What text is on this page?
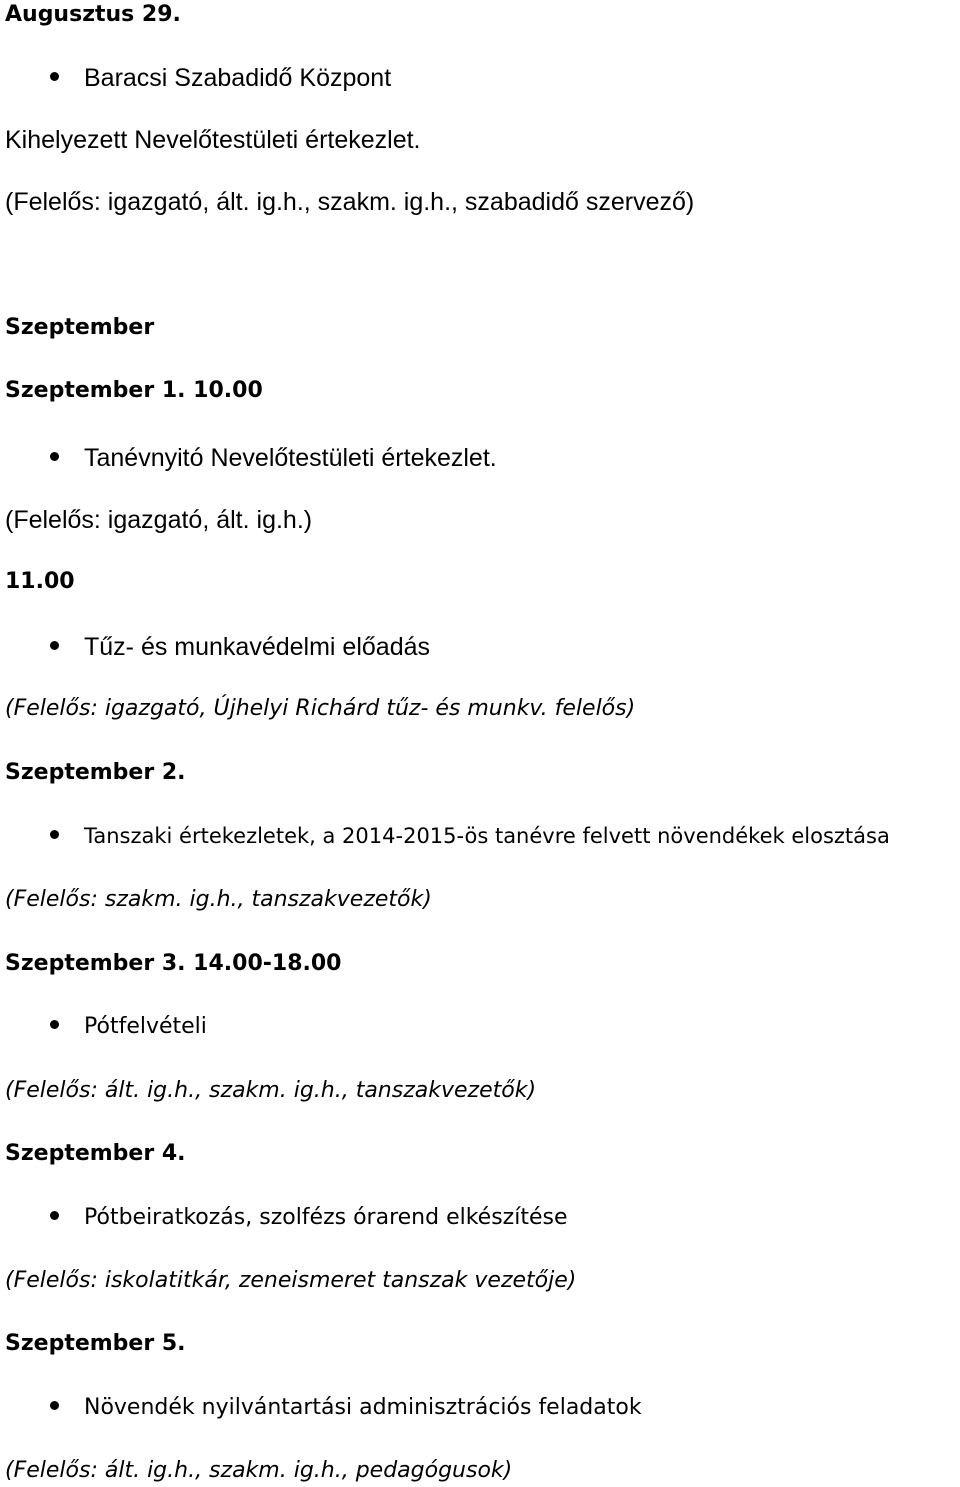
Augusztus 29.
Baracsi Szabadidő Központ
Kihelyezett Nevelőtestületi értekezlet.
(Felelős: igazgató, ált. ig.h., szakm. ig.h., szabadidő szervező)
Szeptember
Szeptember 1. 10.00
Tanévnyitó Nevelőtestületi értekezlet.
(Felelős: igazgató, ált. ig.h.)
11.00
Tűz- és munkavédelmi előadás
(Felelős: igazgató, Újhelyi Richárd tűz- és munkv. felelős)
Szeptember 2.
Tanszaki értekezletek, a 2014-2015-ös tanévre felvett növendékek elosztása
(Felelős: szakm. ig.h., tanszakvezetők)
Szeptember 3. 14.00-18.00
Pótfelvételi
(Felelős: ált. ig.h., szakm. ig.h., tanszakvezetők)
Szeptember 4.
Pótbeiratkozás, szolfézs órarend elkészítése
(Felelős: iskolatitkár, zeneismeret tanszak vezetője)
Szeptember 5.
Növendék nyilvántartási adminisztrációs feladatok
(Felelős: ált. ig.h., szakm. ig.h., pedagógusok)
